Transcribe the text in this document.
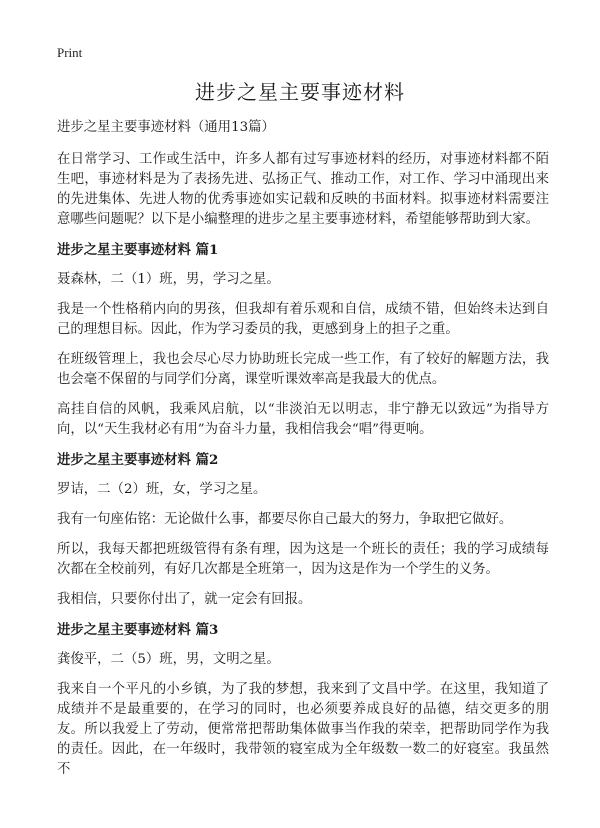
Print
进步之星主要事迹材料

进步之星主要事迹材料（通用13篇）

在日常学习、工作或生活中，许多人都有过写事迹材料的经历，对事迹材料都不陌生吧，事迹材料是为了表扬先进、弘扬正气、推动工作，对工作、学习中涌现出来的先进集体、先进人物的优秀事迹如实记载和反映的书面材料。拟事迹材料需要注意哪些问题呢？以下是小编整理的进步之星主要事迹材料，希望能够帮助到大家。

进步之星主要事迹材料 篇1

聂森林，二（1）班，男，学习之星。

我是一个性格稍内向的男孩，但我却有着乐观和自信，成绩不错，但始终未达到自己的理想目标。因此，作为学习委员的我，更感到身上的担子之重。

在班级管理上，我也会尽心尽力协助班长完成一些工作，有了较好的解题方法，我也会毫不保留的与同学们分离，课堂听课效率高是我最大的优点。

高挂自信的风帆，我乘风启航，以“非淡泊无以明志，非宁静无以致远”为指导方向，以“天生我材必有用”为奋斗力量，我相信我会“唱”得更响。

进步之星主要事迹材料 篇2

罗诘，二（2）班，女，学习之星。

我有一句座佑铭：无论做什么事，都要尽你自己最大的努力，争取把它做好。

所以，我每天都把班级管得有条有理，因为这是一个班长的责任；我的学习成绩每次都在全校前列，有好几次都是全班第一，因为这是作为一个学生的义务。

我相信，只要你付出了，就一定会有回报。

进步之星主要事迹材料 篇3

龚俊平，二（5）班，男，文明之星。

我来自一个平凡的小乡镇，为了我的梦想，我来到了文昌中学。在这里，我知道了成绩并不是最重要的，在学习的同时，也必须要养成良好的品德，结交更多的朋友。所以我爱上了劳动，便常常把帮助集体做事当作我的荣幸，把帮助同学作为我的责任。因此，在一年级时，我带领的寝室成为全年级数一数二的好寝室。我虽然不
